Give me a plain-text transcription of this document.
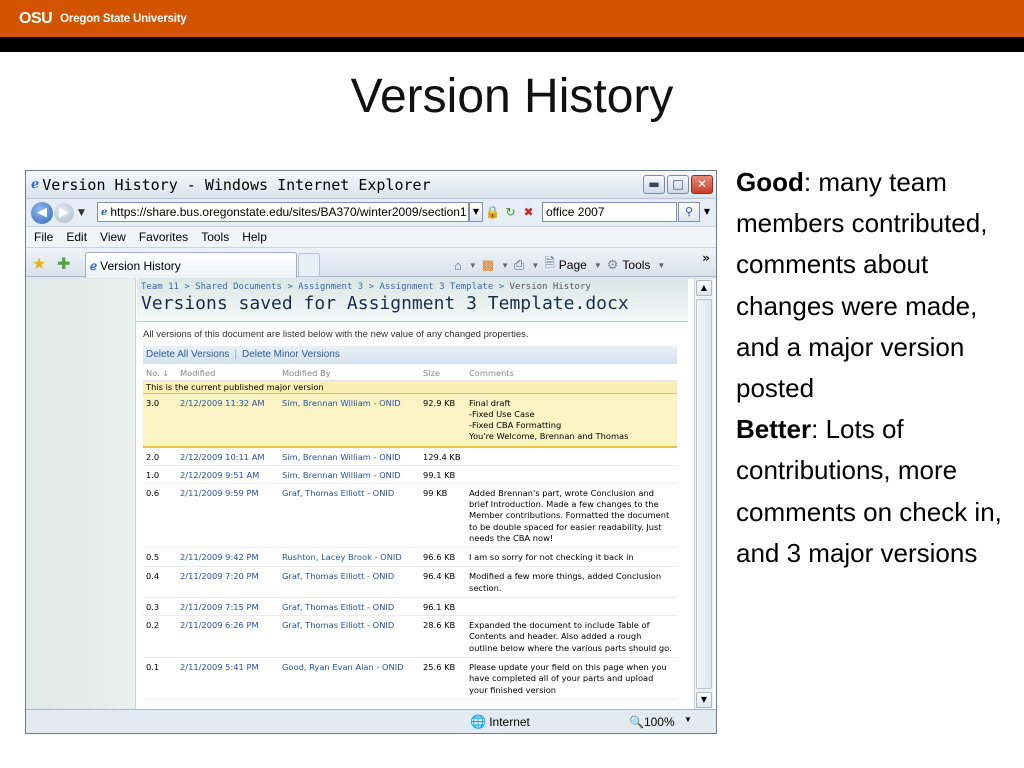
OSU Oregon State University
Version History
Good: many team members contributed, comments about changes were made, and a major version posted
Better: Lots of contributions, more comments on check in, and 3 major versions
ℯ Version History - Windows Internet Explorer	▬	□	✕
◀ ▶	▼ ℯ https://share.bus.oregonstate.edu/sites/BA370/winter2009/section1 ▼ 🔒 ↻ ✖	office 2007	⚲	▼
File Edit View Favorites Tools Help
★ ✚ ℯ Version History	⌂ ▼ ▩ ▼ ⎙ ▼ 🗎 Page ▼ ⚙ Tools ▼	»
Team 11 > Shared Documents > Assignment 3 > Assignment 3 Template > Version History
Versions saved for Assignment 3 Template.docx
All versions of this document are listed below with the new value of any changed properties.
Delete All Versions | Delete Minor Versions
No. ↓	Modified	Modified By	Size	Comments
This is the current published major version				
3.0	2/12/2009 11:32 AM	Sim, Brennan William - ONID	92.9 KB	Final draft
-Fixed Use Case
-Fixed CBA Formatting
You're Welcome, Brennan and Thomas
2.0	2/12/2009 10:11 AM	Sim, Brennan William - ONID	129.4 KB	
1.0	2/12/2009 9:51 AM	Sim, Brennan William - ONID	99.1 KB	
0.6	2/11/2009 9:59 PM	Graf, Thomas Elliott - ONID	99 KB	Added Brennan's part, wrote Conclusion and
brief Introduction. Made a few changes to the
Member contributions. Formatted the document
to be double spaced for easier readability. Just
needs the CBA now!
0.5	2/11/2009 9:42 PM	Rushton, Lacey Brook - ONID	96.6 KB	I am so sorry for not checking it back in
0.4	2/11/2009 7:20 PM	Graf, Thomas Elliott - ONID	96.4 KB	Modified a few more things, added Conclusion
section.
0.3	2/11/2009 7:15 PM	Graf, Thomas Elliott - ONID	96.1 KB	
0.2	2/11/2009 6:26 PM	Graf, Thomas Elliott - ONID	28.6 KB	Expanded the document to include Table of
Contents and header. Also added a rough
outline below where the various parts should go.
0.1	2/11/2009 5:41 PM	Good, Ryan Evan Alan - ONID	25.6 KB	Please update your field on this page when you
have completed all of your parts and upload
your finished version
▲
▼
🌐 Internet	🔍100% ▼
